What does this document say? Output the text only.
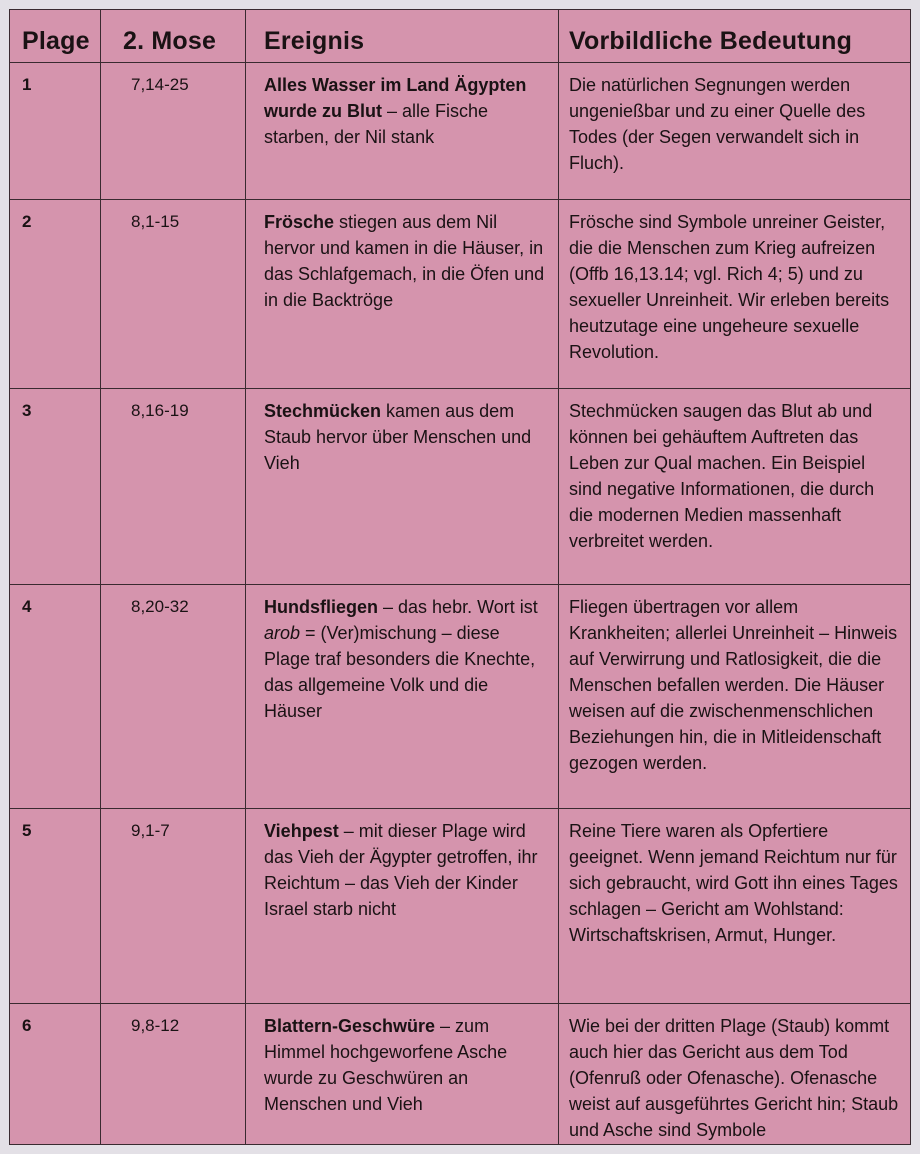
Plage	2. Mose	Ereignis	Vorbildliche Bedeutung
1	7,14-25	Alles Wasser im Land Ägypten wurde zu Blut – alle Fische starben, der Nil stank	Die natürlichen Segnungen werden ungenießbar und zu einer Quelle des Todes (der Segen verwandelt sich in Fluch).

2	8,1-15	Frösche stiegen aus dem Nil hervor und kamen in die Häuser, in das Schlafgemach, in die Öfen und in die Backtröge	Frösche sind Symbole unreiner Geister, die die Menschen zum Krieg aufreizen (Offb 16,13.14; vgl. Rich 4; 5) und zu sexueller Unreinheit. Wir erleben bereits heutzutage eine ungeheure sexuelle Revolution.

3	8,16-19	Stechmücken kamen aus dem Staub hervor über Menschen und Vieh	Stechmücken saugen das Blut ab und können bei gehäuftem Auftreten das Leben zur Qual machen. Ein Beispiel sind negative Informationen, die durch die modernen Medien massenhaft verbreitet werden.

4	8,20-32	Hundsfliegen – das hebr. Wort ist arob = (Ver)mischung – diese Plage traf besonders die Knechte, das allgemeine Volk und die Häuser	Fliegen übertragen vor allem Krankheiten; allerlei Unreinheit – Hinweis auf Verwirrung und Ratlosigkeit, die die Menschen befallen werden. Die Häuser weisen auf die zwischenmenschlichen Beziehungen hin, die in Mitleidenschaft gezogen werden.

5	9,1-7	Viehpest – mit dieser Plage wird das Vieh der Ägypter getroffen, ihr Reichtum – das Vieh der Kinder Israel starb nicht	Reine Tiere waren als Opfertiere geeignet. Wenn jemand Reichtum nur für sich gebraucht, wird Gott ihn eines Tages schlagen – Gericht am Wohlstand: Wirtschaftskrisen, Armut, Hunger.

6	9,8-12	Blattern-Geschwüre – zum Himmel hochgeworfene Asche wurde zu Geschwüren an Menschen und Vieh	Wie bei der dritten Plage (Staub) kommt auch hier das Gericht aus dem Tod (Ofenruß oder Ofenasche). Ofenasche weist auf ausgeführtes Gericht hin; Staub und Asche sind Symbole
